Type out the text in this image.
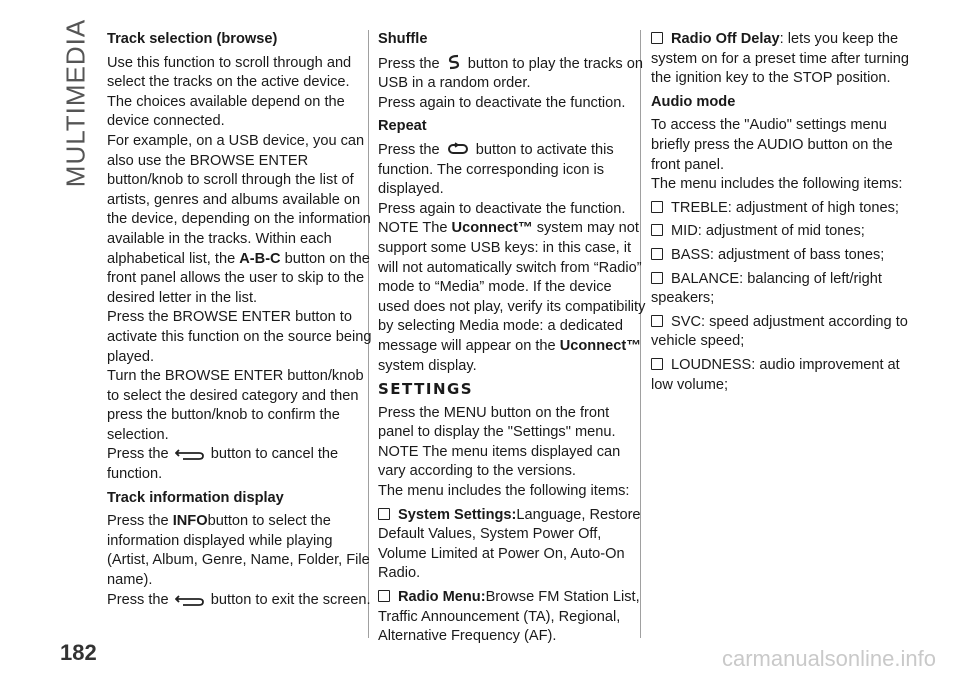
MULTIMEDIA Track selection (browse)

Use this function to scroll through and select the tracks on the active device. The choices available depend on the device connected.
For example, on a USB device, you can also use the BROWSE ENTER button/knob to scroll through the list of artists, genres and albums available on the device, depending on the information available in the tracks. Within each alphabetical list, the A-B-C button on the front panel allows the user to skip to the desired letter in the list.
Press the BROWSE ENTER button to activate this function on the source being played.
Turn the BROWSE ENTER button/knob to select the desired category and then press the button/knob to confirm the selection.
Press the	button to cancel the function.

Track information display

Press the INFObutton to select the information displayed while playing (Artist, Album, Genre, Name, Folder, File name).
Press the	button to exit the screen.

Shuffle

Press the button to play the tracks on USB in a random order.
Press again to deactivate the function.

Repeat

Press the button to activate this function. The corresponding icon is displayed.
Press again to deactivate the function.
NOTE The Uconnect™ system may not support some USB keys: in this case, it will not automatically switch from “Radio” mode to “Media” mode. If the device used does not play, verify its compatibility by selecting Media mode: a dedicated message will appear on the Uconnect™ system display.

SETTINGS

Press the MENU button on the front panel to display the "Settings" menu.
NOTE The menu items displayed can vary according to the versions.
The menu includes the following items:

System Settings:Language, Restore Default Values, System Power Off, Volume Limited at Power On, Auto-On Radio.

Radio Menu:Browse FM Station List, Traffic Announcement (TA), Regional, Alternative Frequency (AF).

Radio Off Delay: lets you keep the system on for a preset time after turning the ignition key to the STOP position.

Audio mode

To access the "Audio" settings menu briefly press the AUDIO button on the front panel.
The menu includes the following items:

TREBLE: adjustment of high tones;

MID: adjustment of mid tones;

BASS: adjustment of bass tones;

BALANCE: balancing of left/right speakers;

SVC: speed adjustment according to vehicle speed;

LOUDNESS: audio improvement at low volume;

182	carmanualsonline.info
